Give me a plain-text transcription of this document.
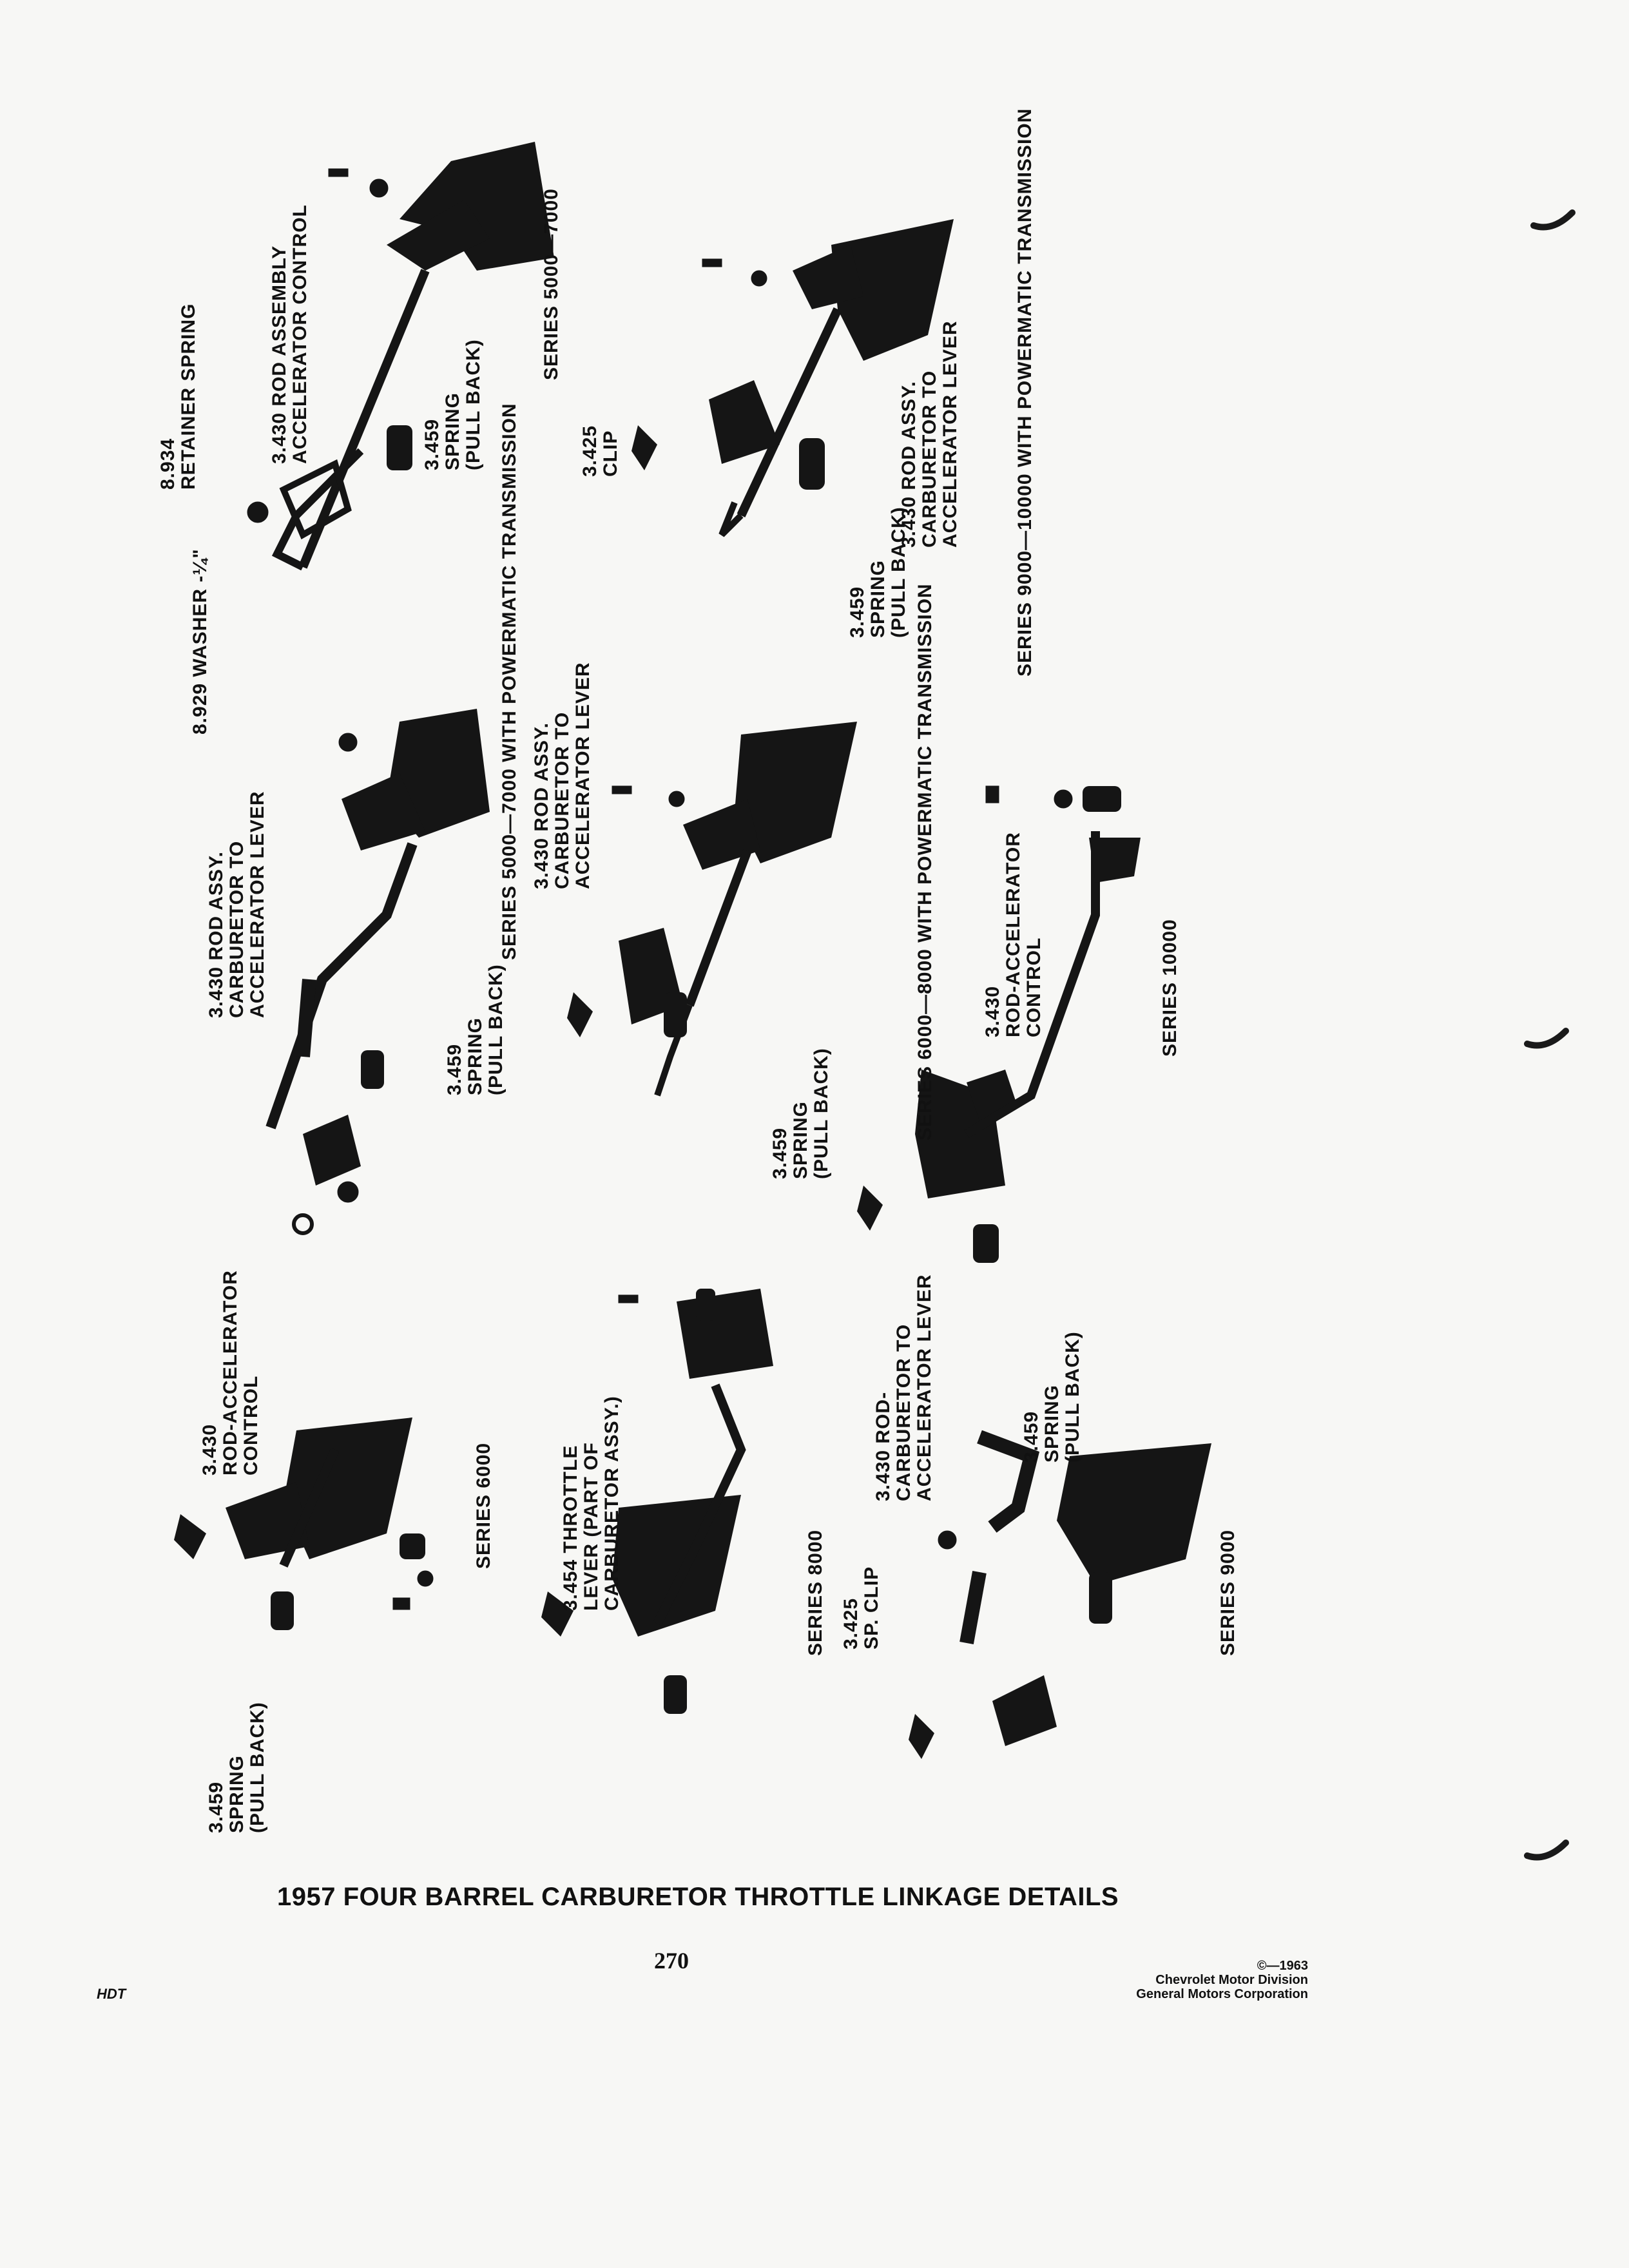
8.934 RETAINER SPRING
8.929 WASHER -¼"
3.430 ROD ASSEMBLY ACCELERATOR CONTROL	3.459 SPRING (PULL BACK)
SERIES 5000—7000
SERIES 5000—7000 WITH POWERMATIC TRANSMISSION	3.425 CLIP	3.430 ROD ASSY. CARBURETOR TO ACCELERATOR LEVER
3.459 SPRING (PULL BACK)	SERIES 9000—10000 WITH POWERMATIC TRANSMISSION
3.430 ROD ASSY. CARBURETOR TO ACCELERATOR LEVER
3.459 SPRING (PULL BACK)
3.430 ROD ASSY. CARBURETOR TO ACCELERATOR LEVER
3.459 SPRING (PULL BACK)	SERIES 6000—8000 WITH POWERMATIC TRANSMISSION 3.430 ROD-ACCELERATOR CONTROL	SERIES 10000
3.430 ROD-ACCELERATOR CONTROL
3.459 SPRING (PULL BACK)
SERIES 6000	3.454 THROTTLE LEVER (PART OF CARBURETOR ASSY.)	SERIES 8000 3.425 SP. CLIP
3.430 ROD- CARBURETOR TO ACCELERATOR LEVER	3.459 SPRING (PULL BACK)
SERIES 9000
1957 FOUR BARREL CARBURETOR THROTTLE LINKAGE DETAILS
270
HDT
©—1963
Chevrolet Motor Division
General Motors Corporation
